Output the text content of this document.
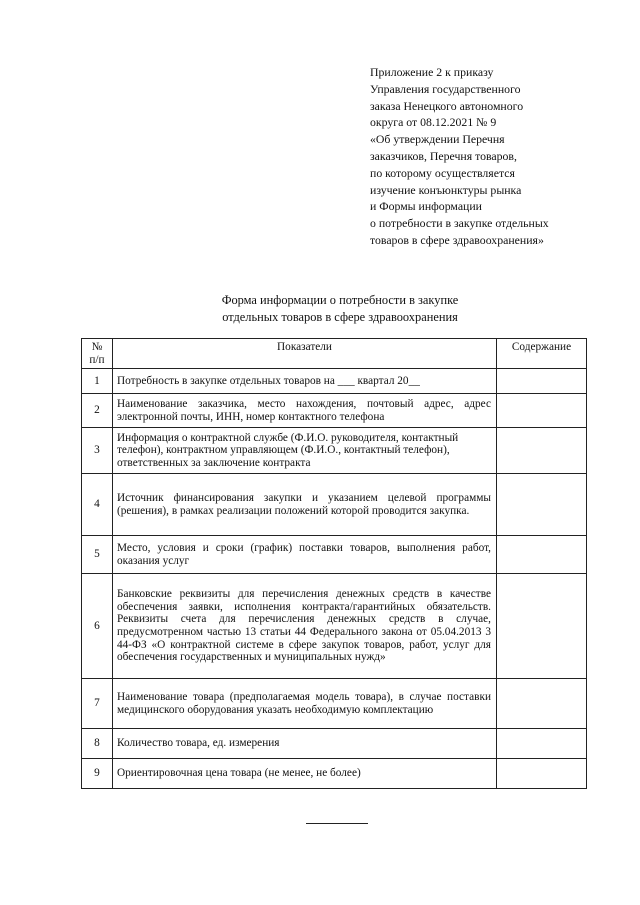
Приложение 2 к приказу
Управления государственного
заказа Ненецкого автономного
округа от 08.12.2021 № 9
«Об утверждении Перечня
заказчиков, Перечня товаров,
по которому осуществляется
изучение конъюнктуры рынка
и Формы информации
о потребности в закупке отдельных
товаров в сфере здравоохранения»
Форма информации о потребности в закупке
отдельных товаров в сфере здравоохранения
№
п/п	Показатели	Содержание
1	Потребность в закупке отдельных товаров на ___ квартал 20__	
2	Наименование заказчика, место нахождения, почтовый адрес, адрес электронной почты, ИНН, номер контактного телефона	
3	Информация о контрактной службе (Ф.И.О. руководителя, контактный телефон), контрактном управляющем (Ф.И.О., контактный телефон), ответственных за заключение контракта	
4	Источник финансирования закупки и указанием целевой программы (решения), в рамках реализации положений которой проводится закупка.	
5	Место, условия и сроки (график) поставки товаров, выполнения работ, оказания услуг	
6	Банковские реквизиты для перечисления денежных средств в качестве обеспечения заявки, исполнения контракта/гарантийных обязательств. Реквизиты счета для перечисления денежных средств в случае, предусмотренном частью 13 статьи 44 Федерального закона от 05.04.2013 3 44-ФЗ «О контрактной системе в сфере закупок товаров, работ, услуг для обеспечения государственных и муниципальных нужд»	
7	Наименование товара (предполагаемая модель товара), в случае поставки медицинского оборудования указать необходимую комплектацию	
8	Количество товара, ед. измерения	
9	Ориентировочная цена товара (не менее, не более)	
